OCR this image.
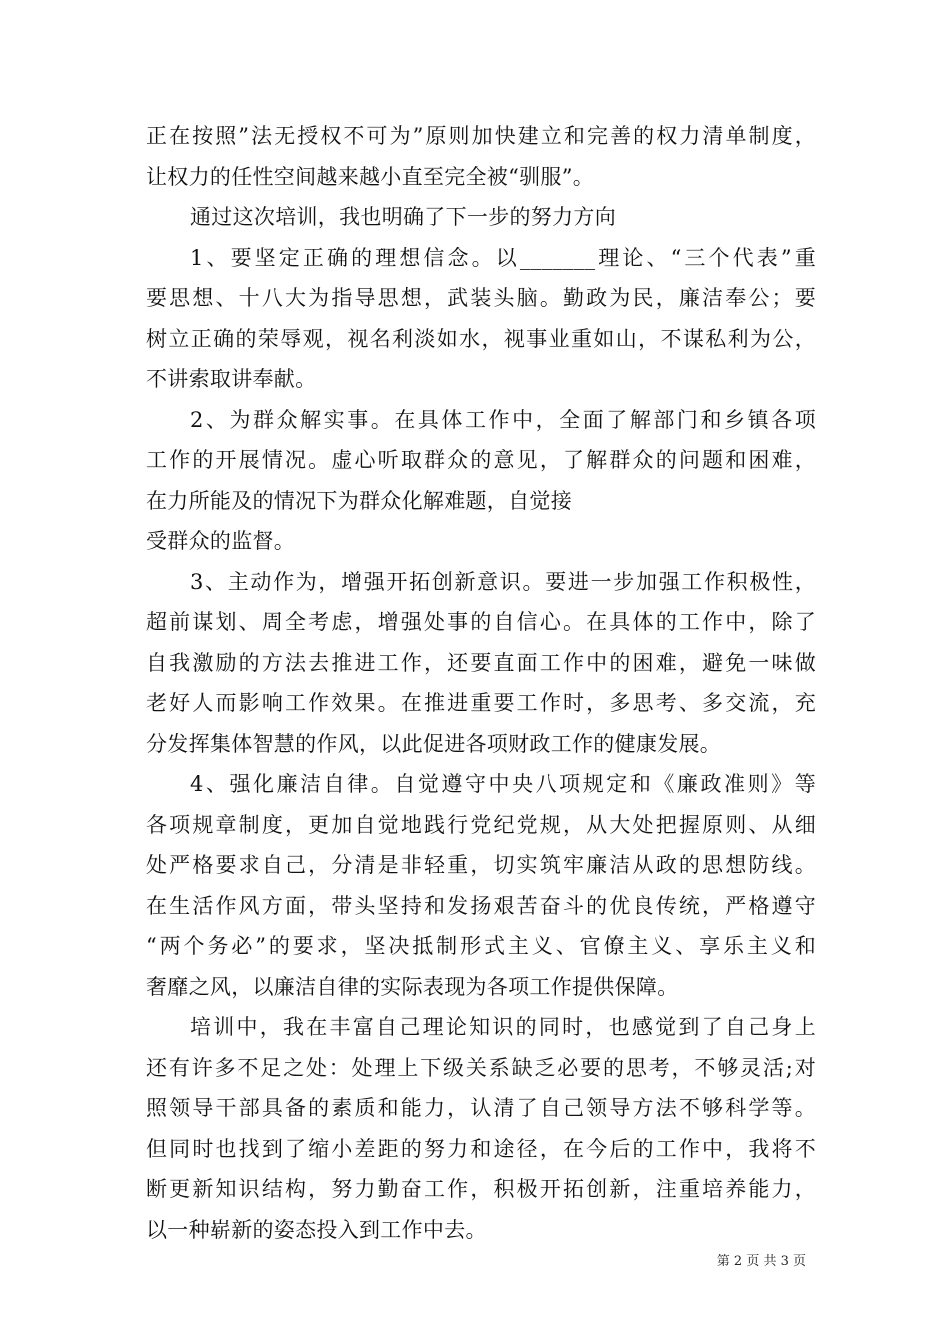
正在按照”法无授权不可为”原则加快建立和完善的权力清单制度，
让权力的任性空间越来越小直至完全被“驯服”。
通过这次培训，我也明确了下一步的努力方向
1、要坚定正确的理想信念。以_______理论、“三个代表”重
要思想、十八大为指导思想，武装头脑。勤政为民，廉洁奉公；要
树立正确的荣辱观，视名利淡如水，视事业重如山，不谋私利为公，
不讲索取讲奉献。
2、为群众解实事。在具体工作中，全面了解部门和乡镇各项
工作的开展情况。虚心听取群众的意见，了解群众的问题和困难，
在力所能及的情况下为群众化解难题，自觉接
受群众的监督。
3、主动作为，增强开拓创新意识。要进一步加强工作积极性，
超前谋划、周全考虑，增强处事的自信心。在具体的工作中，除了
自我激励的方法去推进工作，还要直面工作中的困难，避免一味做
老好人而影响工作效果。在推进重要工作时，多思考、多交流，充
分发挥集体智慧的作风，以此促进各项财政工作的健康发展。
4、强化廉洁自律。自觉遵守中央八项规定和《廉政准则》等
各项规章制度，更加自觉地践行党纪党规，从大处把握原则、从细
处严格要求自己，分清是非轻重，切实筑牢廉洁从政的思想防线。
在生活作风方面，带头坚持和发扬艰苦奋斗的优良传统，严格遵守
“两个务必”的要求，坚决抵制形式主义、官僚主义、享乐主义和
奢靡之风，以廉洁自律的实际表现为各项工作提供保障。
培训中，我在丰富自己理论知识的同时，也感觉到了自己身上
还有许多不足之处：处理上下级关系缺乏必要的思考，不够灵活;对
照领导干部具备的素质和能力，认清了自己领导方法不够科学等。
但同时也找到了缩小差距的努力和途径，在今后的工作中，我将不
断更新知识结构，努力勤奋工作，积极开拓创新，注重培养能力，
以一种崭新的姿态投入到工作中去。
第 2 页 共 3 页
